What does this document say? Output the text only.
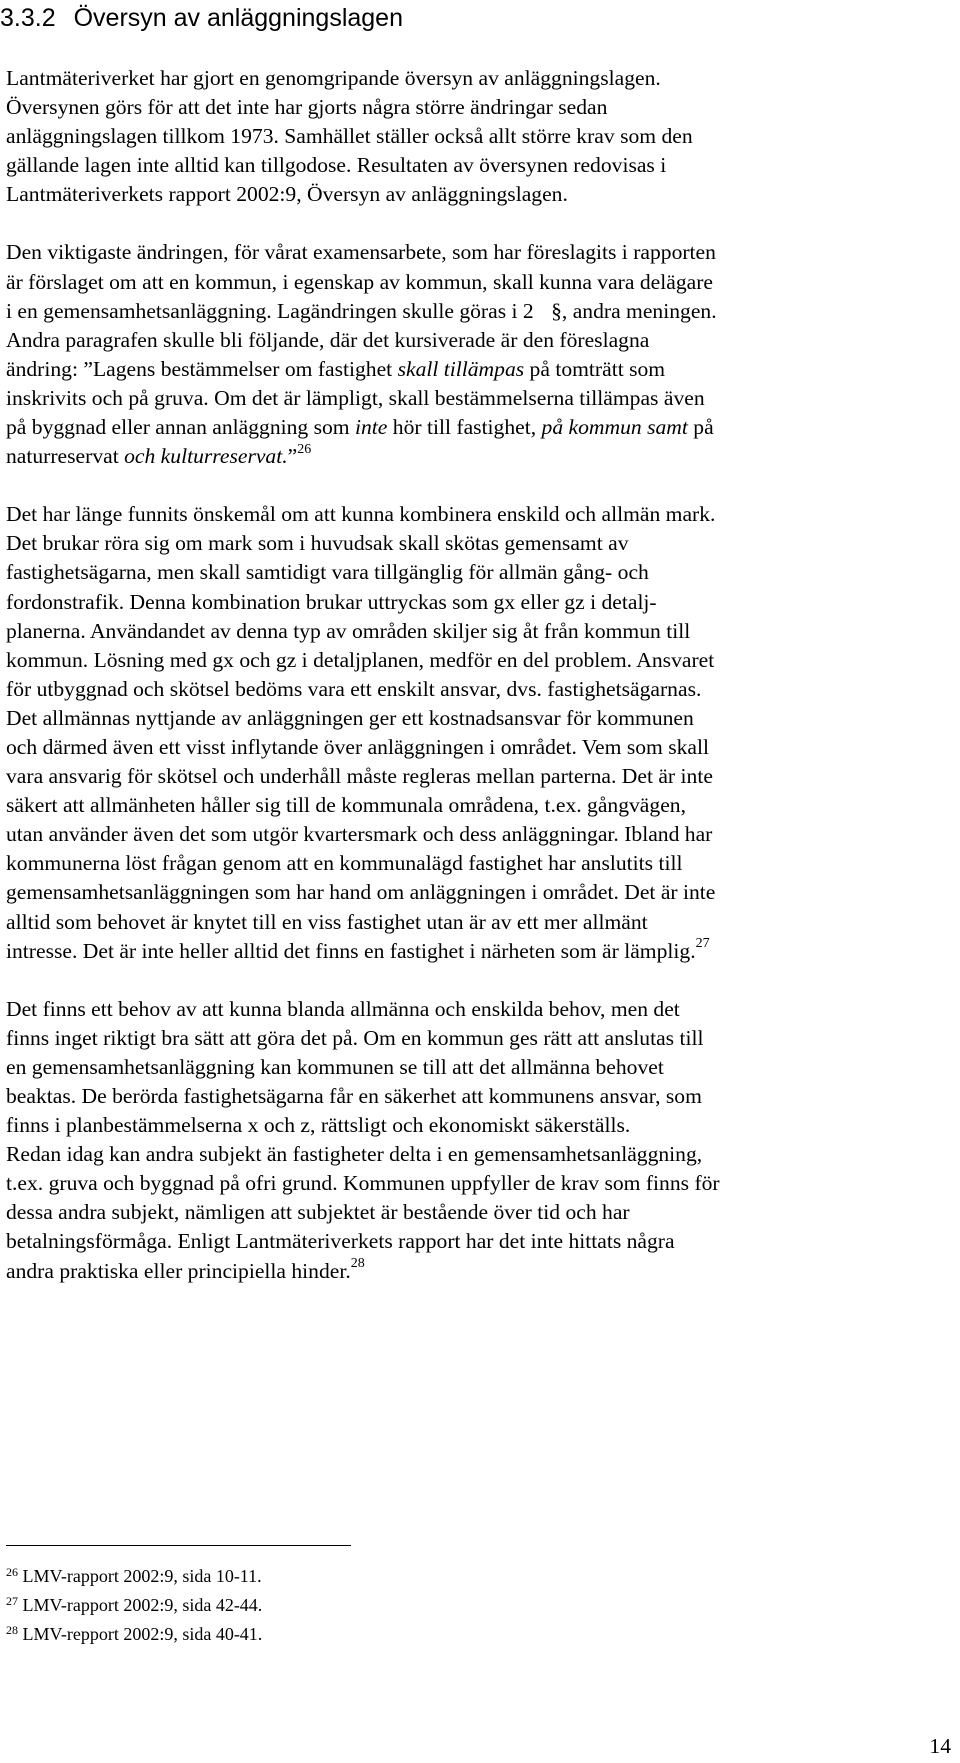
3.3.2 Översyn av anläggningslagen

Lantmäteriverket har gjort en genomgripande översyn av anläggningslagen.
Översynen görs för att det inte har gjorts några större ändringar sedan
anläggningslagen tillkom 1973. Samhället ställer också allt större krav som den
gällande lagen inte alltid kan tillgodose. Resultaten av översynen redovisas i
Lantmäteriverkets rapport 2002:9, Översyn av anläggningslagen.

Den viktigaste ändringen, för vårat examensarbete, som har föreslagits i rapporten
är förslaget om att en kommun, i egenskap av kommun, skall kunna vara delägare
i en gemensamhetsanläggning. Lagändringen skulle göras i 2 §, andra meningen.
Andra paragrafen skulle bli följande, där det kursiverade är den föreslagna
ändring: ”Lagens bestämmelser om fastighet skall tillämpas på tomträtt som
inskrivits och på gruva. Om det är lämpligt, skall bestämmelserna tillämpas även
på byggnad eller annan anläggning som inte hör till fastighet, på kommun samt på
naturreservat och kulturreservat.”$^{26}$

Det har länge funnits önskemål om att kunna kombinera enskild och allmän mark.
Det brukar röra sig om mark som i huvudsak skall skötas gemensamt av
fastighetsägarna, men skall samtidigt vara tillgänglig för allmän gång- och
fordonstrafik. Denna kombination brukar uttryckas som gx eller gz i detalj-
planerna. Användandet av denna typ av områden skiljer sig åt från kommun till
kommun. Lösning med gx och gz i detaljplanen, medför en del problem. Ansvaret
för utbyggnad och skötsel bedöms vara ett enskilt ansvar, dvs. fastighetsägarnas.
Det allmännas nyttjande av anläggningen ger ett kostnadsansvar för kommunen
och därmed även ett visst inflytande över anläggningen i området. Vem som skall
vara ansvarig för skötsel och underhåll måste regleras mellan parterna. Det är inte
säkert att allmänheten håller sig till de kommunala områdena, t.ex. gångvägen,
utan använder även det som utgör kvartersmark och dess anläggningar. Ibland har
kommunerna löst frågan genom att en kommunalägd fastighet har anslutits till
gemensamhetsanläggningen som har hand om anläggningen i området. Det är inte
alltid som behovet är knytet till en viss fastighet utan är av ett mer allmänt
intresse. Det är inte heller alltid det finns en fastighet i närheten som är lämplig.$^{27}$

Det finns ett behov av att kunna blanda allmänna och enskilda behov, men det
finns inget riktigt bra sätt att göra det på. Om en kommun ges rätt att anslutas till
en gemensamhetsanläggning kan kommunen se till att det allmänna behovet
beaktas. De berörda fastighetsägarna får en säkerhet att kommunens ansvar, som
finns i planbestämmelserna x och z, rättsligt och ekonomiskt säkerställs.
Redan idag kan andra subjekt än fastigheter delta i en gemensamhetsanläggning,
t.ex. gruva och byggnad på ofri grund. Kommunen uppfyller de krav som finns för
dessa andra subjekt, nämligen att subjektet är bestående över tid och har
betalningsförmåga. Enligt Lantmäteriverkets rapport har det inte hittats några
andra praktiska eller principiella hinder.$^{28}$

$^{26}$ LMV-rapport 2002:9, sida 10-11.
$^{27}$ LMV-rapport 2002:9, sida 42-44.
$^{28}$ LMV-repport 2002:9, sida 40-41.
14
